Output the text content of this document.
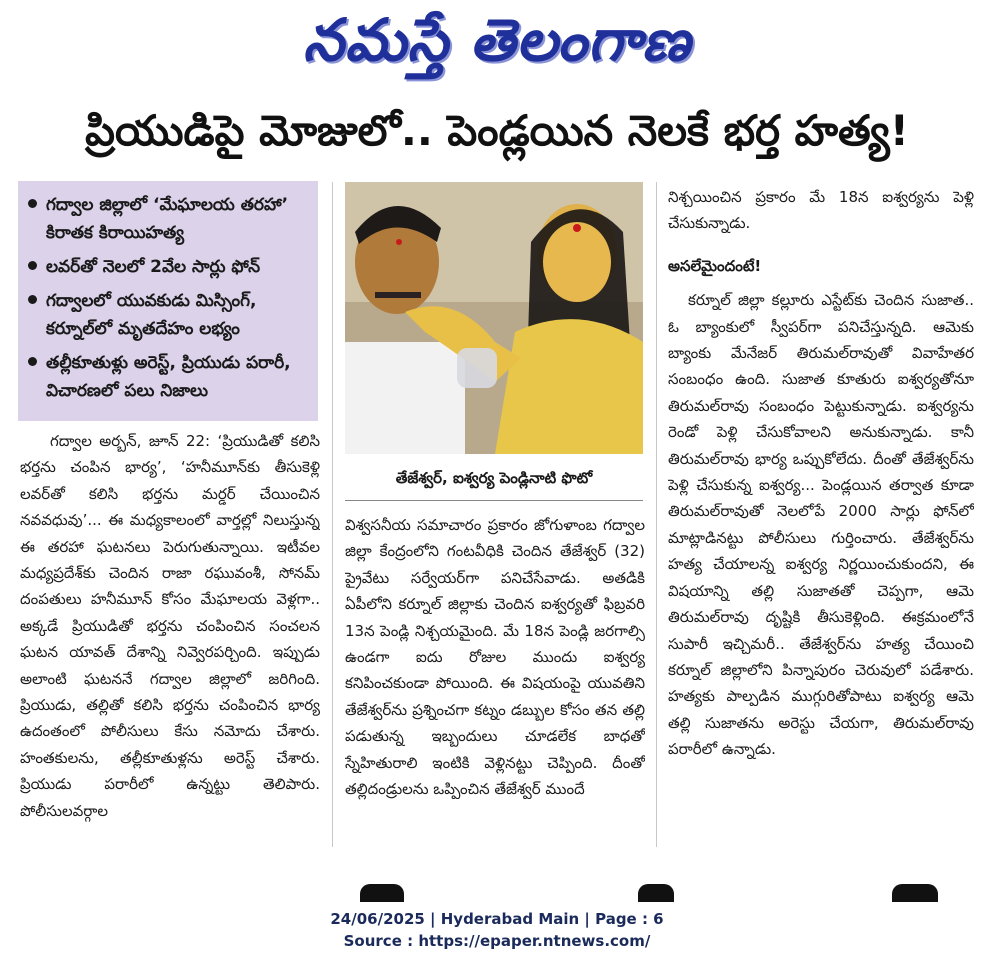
నమస్తే తెలంగాణ
ప్రియుడిపై మోజులో.. పెండ్లయిన నెలకే భర్త హత్య!
గద్వాల జిల్లాలో ‘మేఘాలయ తరహా’ కిరాతక కిరాయిహత్య
లవర్‌తో నెలలో 2వేల సార్లు ఫోన్
గద్వాలలో యువకుడు మిస్సింగ్, కర్నూల్‌లో మృతదేహం లభ్యం
తల్లీకూతుళ్లు అరెస్ట్, ప్రియుడు పరారీ, విచారణలో పలు నిజాలు
గద్వాల అర్బన్, జూన్ 22: ‘ప్రియుడితో కలిసి భర్తను చంపిన భార్య’, ‘హనీమూన్‌కు తీసుకెళ్లి లవర్‌తో కలిసి భర్తను మర్డర్ చేయించిన నవవధువు’... ఈ మధ్యకాలంలో వార్తల్లో నిలుస్తున్న ఈ తరహా ఘటనలు పెరుగుతున్నాయి. ఇటీవల మధ్యప్రదేశ్‌కు చెందిన రాజా రఘువంశీ, సోనమ్ దంపతులు హనీమూన్ కోసం మేఘాలయ వెళ్లగా.. అక్కడే ప్రియుడితో భర్తను చంపించిన సంచలన ఘటన యావత్ దేశాన్ని నివ్వెరపర్చింది. ఇప్పుడు అలాంటి ఘటననే గద్వాల జిల్లాలో జరిగింది. ప్రియుడు, తల్లితో కలిసి భర్తను చంపించిన భార్య ఉదంతంలో పోలీసులు కేసు నమోదు చేశారు. హంతకులను, తల్లీకూతుళ్లను అరెస్ట్ చేశారు. ప్రియుడు పరారీలో ఉన్నట్టు తెలిపారు. పోలీసులవర్గాల
తేజేశ్వర్, ఐశ్వర్య పెండ్లినాటి ఫొటో
విశ్వసనీయ సమాచారం ప్రకారం జోగుళాంబ గద్వాల జిల్లా కేంద్రంలోని గంటవీధికి చెందిన తేజేశ్వర్ (32) ప్రైవేటు సర్వేయర్‌గా పనిచేసేవాడు. అతడికి ఏపీలోని కర్నూల్ జిల్లాకు చెందిన ఐశ్వర్యతో ఫిబ్రవరి 13న పెండ్లి నిశ్చయమైంది. మే 18న పెండ్లి జరగాల్సి ఉండగా ఐదు రోజుల ముందు ఐశ్వర్య కనిపించకుండా పోయింది. ఈ విషయంపై యువతిని తేజేశ్వర్‌ను ప్రశ్నించగా కట్నం డబ్బుల కోసం తన తల్లి పడుతున్న ఇబ్బందులు చూడలేక బాధతో స్నేహితురాలి ఇంటికి వెళ్లినట్టు చెప్పింది. దీంతో తల్లిదండ్రులను ఒప్పించిన తేజేశ్వర్ ముందే

నిశ్చయించిన ప్రకారం మే 18న ఐశ్వర్యను పెళ్లి చేసుకున్నాడు.

అసలేమైందంటే!

కర్నూల్ జిల్లా కల్లూరు ఎస్టేట్‌కు చెందిన సుజాత.. ఓ బ్యాంకులో స్వీపర్‌గా పనిచేస్తున్నది. ఆమెకు బ్యాంకు మేనేజర్ తిరుమల్‌రావుతో వివాహేతర సంబంధం ఉంది. సుజాత కూతురు ఐశ్వర్యతోనూ తిరుమల్‌రావు సంబంధం పెట్టుకున్నాడు. ఐశ్వర్యను రెండో పెళ్లి చేసుకోవాలని అనుకున్నాడు. కానీ తిరుమల్‌రావు భార్య ఒప్పుకోలేదు. దీంతో తేజేశ్వర్‌ను పెళ్లి చేసుకున్న ఐశ్వర్య... పెండ్లయిన తర్వాత కూడా తిరుమల్‌రావుతో నెలలోపే 2000 సార్లు ఫోన్‌లో మాట్లాడినట్టు పోలీసులు గుర్తించారు. తేజేశ్వర్‌ను హత్య చేయాలన్న ఐశ్వర్య నిర్ణయించుకుందని, ఈ విషయాన్ని తల్లి సుజాతతో చెప్పగా, ఆమె తిరుమల్‌రావు దృష్టికి తీసుకెళ్లింది. ఈక్రమంలోనే సుపారీ ఇచ్చిమరీ.. తేజేశ్వర్‌ను హత్య చేయించి కర్నూల్ జిల్లాలోని పిన్నాపురం చెరువులో పడేశారు. హత్యకు పాల్పడిన ముగ్గురితోపాటు ఐశ్వర్య ఆమె తల్లి సుజాతను అరెస్టు చేయగా, తిరుమల్‌రావు పరారీలో ఉన్నాడు.

24/06/2025 | Hyderabad Main | Page : 6
Source : https://epaper.ntnews.com/
